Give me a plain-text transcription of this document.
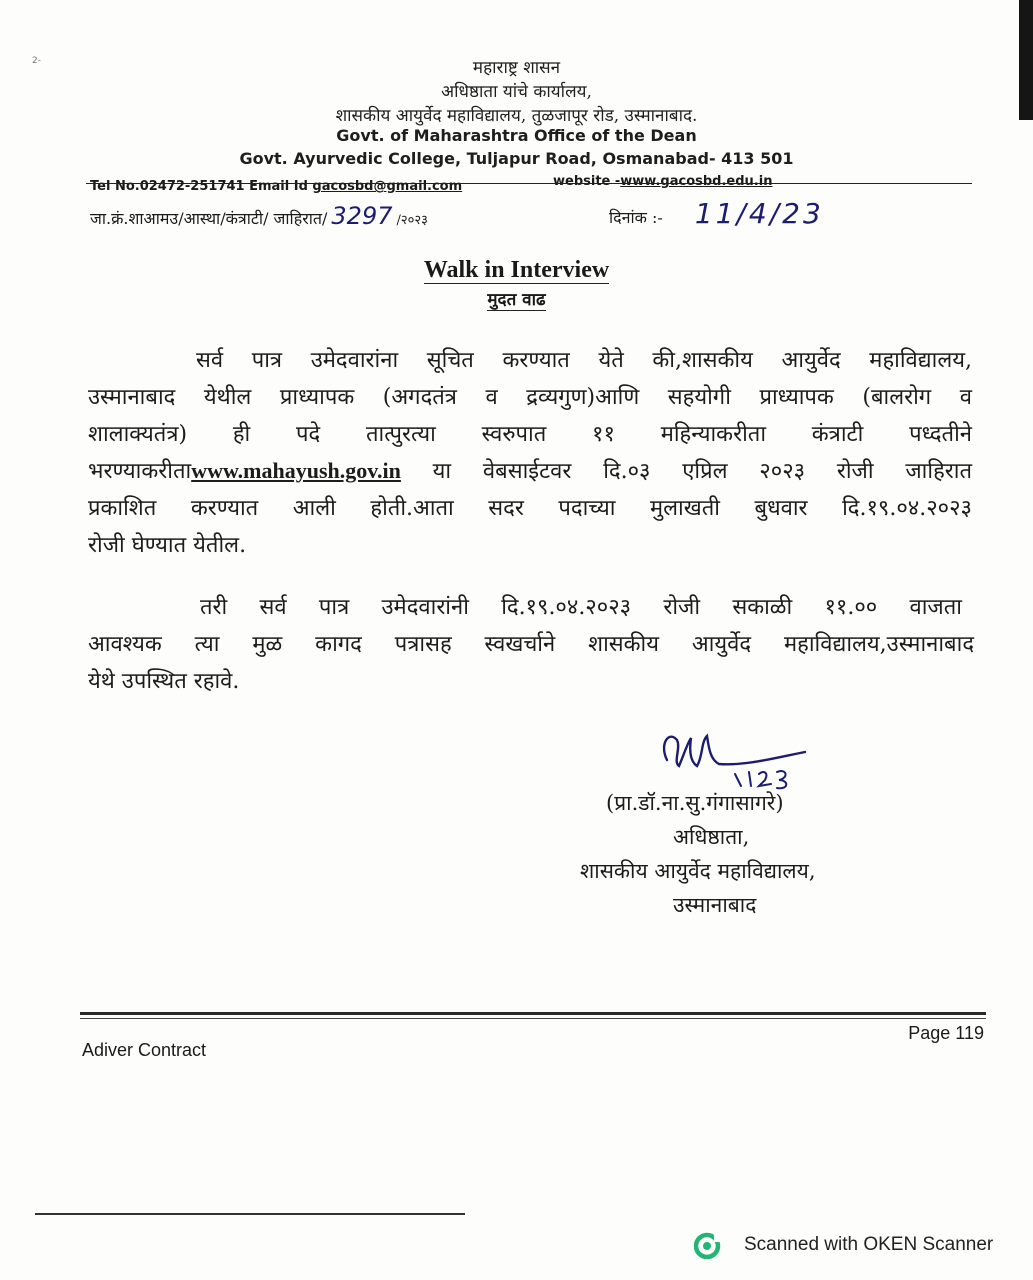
2-	महाराष्ट्र शासन
अधिष्ठाता यांचे कार्यालय,
शासकीय आयुर्वेद महाविद्यालय, तुळजापूर रोड, उस्मानाबाद.
Govt. of Maharashtra Office of the Dean
Govt. Ayurvedic College, Tuljapur Road, Osmanabad- 413 501
Tel No.02472-251741 Email Id gacosbd@gmail.com	website -www.gacosbd.edu.in
जा.क्रं.शाआमउ/आस्था/कंत्राटी/ जाहिरात/ 3297 /२०२३	दिनांक :- 11/4/23
Walk in Interview
मुदत वाढ
सर्व पात्र उमेदवारांना सूचित करण्यात येते की,शासकीय आयुर्वेद महाविद्यालय,
उस्मानाबाद येथील प्राध्यापक (अगदतंत्र व द्रव्यगुण)आणि सहयोगी प्राध्यापक (बालरोग व
शालाक्यतंत्र) ही पदे तात्पुरत्या स्वरुपात ११ महिन्याकरीता कंत्राटी पध्दतीने
भरण्याकरीताwww.mahayush.gov.in या वेबसाईटवर दि.०३ एप्रिल २०२३ रोजी जाहिरात
प्रकाशित करण्यात आली होती.आता सदर पदाच्या मुलाखती बुधवार दि.१९.०४.२०२३
रोजी घेण्यात येतील.
तरी सर्व पात्र उमेदवारांनी दि.१९.०४.२०२३ रोजी सकाळी ११.०० वाजता
आवश्यक त्या मुळ कागद पत्रासह स्वखर्चाने शासकीय आयुर्वेद महाविद्यालय,उस्मानाबाद
येथे उपस्थित रहावे.
(प्रा.डॉ.ना.सु.गंगासागरे)
अधिष्ठाता,
शासकीय आयुर्वेद महाविद्यालय,
उस्मानाबाद
Adiver Contract
Page 119
Scanned with OKEN Scanner
